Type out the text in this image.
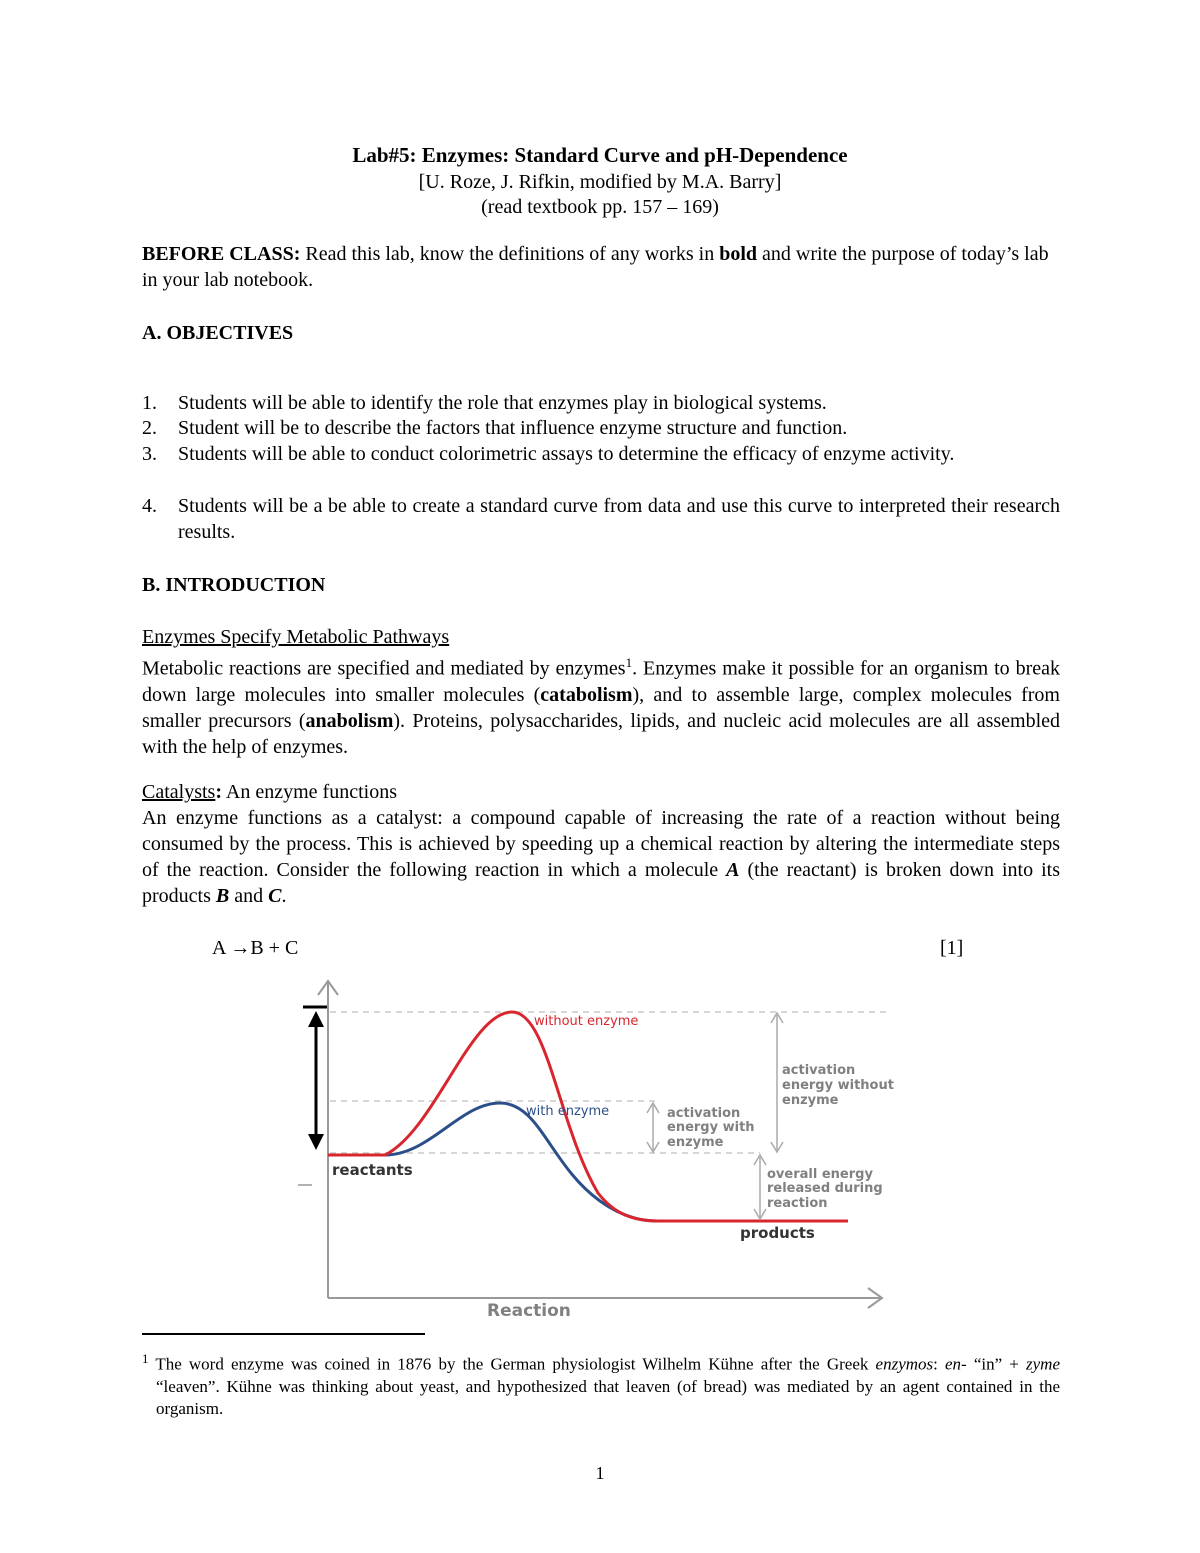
Lab#5: Enzymes: Standard Curve and pH-Dependence
[U. Roze, J. Rifkin, modified by M.A. Barry]
(read textbook pp. 157 – 169)
BEFORE CLASS: Read this lab, know the definitions of any works in bold and write the purpose of today’s lab in your lab notebook.
A. OBJECTIVES
1.	Students will be able to identify the role that enzymes play in biological systems.
2.	Student will be to describe the factors that influence enzyme structure and function.
3.	Students will be able to conduct colorimetric assays to determine the efficacy of enzyme activity.
4.	Students will be a be able to create a standard curve from data and use this curve to interpreted their research results.
B. INTRODUCTION
Enzymes Specify Metabolic Pathways
Metabolic reactions are specified and mediated by enzymes$^1$. Enzymes make it possible for an organism to break down large molecules into smaller molecules (catabolism), and to assemble large, complex molecules from smaller precursors (anabolism). Proteins, polysaccharides, lipids, and nucleic acid molecules are all assembled with the help of enzymes.
Catalysts: An enzyme functions
An enzyme functions as a catalyst: a compound capable of increasing the rate of a reaction without being consumed by the process. This is achieved by speeding up a chemical reaction by altering the intermediate steps of the reaction. Consider the following reaction in which a molecule A (the reactant) is broken down into its products B and C.
A →B + C	[1]
Reaction
without enzyme
with enzyme
reactants
products
activation
energy without
enzyme
activation
energy with
enzyme
overall energy
released during
reaction
$^1$ The word enzyme was coined in 1876 by the German physiologist Wilhelm Kühne after the Greek enzymos: en- “in” + zyme “leaven”. Kühne was thinking about yeast, and hypothesized that leaven (of bread) was mediated by an agent contained in the organism.
1
